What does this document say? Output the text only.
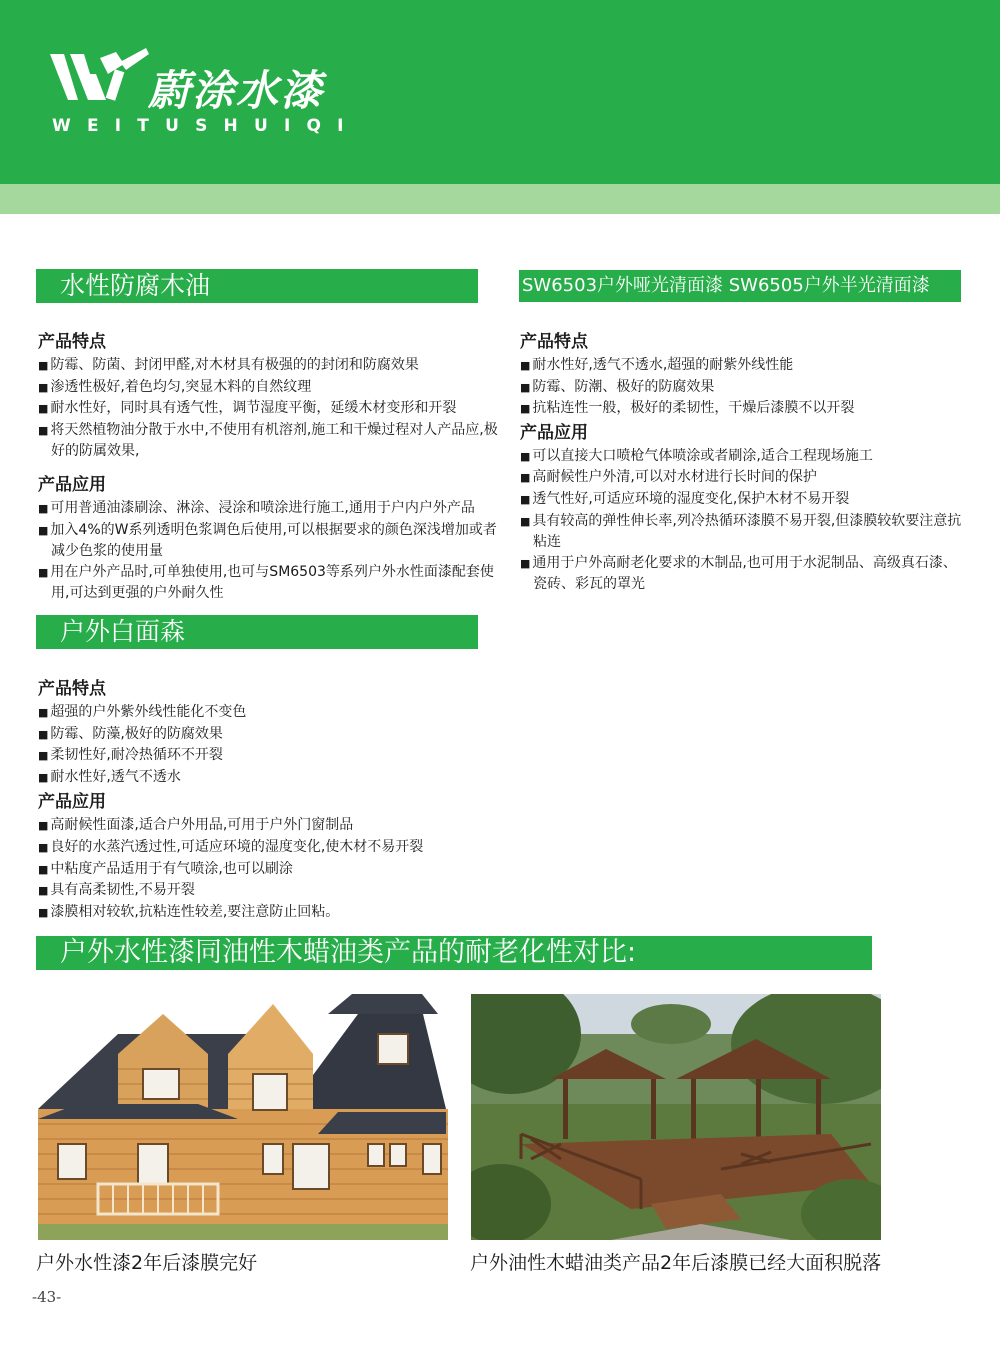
蔚涂水漆
WEITUSHUIQI
水性防腐木油
产品特点

■ 防霉、防菌、封闭甲醛,对木材具有极强的的封闭和防腐效果

■ 渗透性极好,着色均匀,突显木料的自然纹理

■ 耐水性好，同时具有透气性，调节湿度平衡，延缓木材变形和开裂

■ 将天然植物油分散于水中,不使用有机溶剂,施工和干燥过程对人产品应,极好的防属效果,

产品应用

■ 可用普通油漆刷涂、淋涂、浸涂和喷涂进行施工,通用于户内户外产品

■ 加入4%的W系列透明色浆调色后使用,可以根据要求的颜色深浅增加或者减少色浆的使用量

■ 用在户外产品时,可单独使用,也可与SM6503等系列户外水性面漆配套使用,可达到更强的户外耐久性

户外白面森
产品特点

■ 超强的户外紫外线性能化不变色

■ 防霉、防藻,极好的防腐效果

■ 柔韧性好,耐冷热循环不开裂

■ 耐水性好,透气不透水

产品应用

■ 高耐候性面漆,适合户外用品,可用于户外门窗制品

■ 良好的水蒸汽透过性,可适应环境的湿度变化,使木材不易开裂

■ 中粘度产品适用于有气喷涂,也可以刷涂

■ 具有高柔韧性,不易开裂

■ 漆膜相对较软,抗粘连性较差,要注意防止回粘。

SW6503户外哑光清面漆 SW6505户外半光清面漆
产品特点

■ 耐水性好,透气不透水,超强的耐紫外线性能

■ 防霉、防潮、极好的防腐效果

■ 抗粘连性一般，极好的柔韧性，干燥后漆膜不以开裂

产品应用

■ 可以直接大口喷枪气体喷涂或者刷涂,适合工程现场施工

■ 高耐候性户外清,可以对水材进行长时间的保护

■ 透气性好,可适应环境的湿度变化,保护木材不易开裂

■ 具有较高的弹性伸长率,列冷热循环漆膜不易开裂,但漆膜较软要注意抗粘连

■ 通用于户外高耐老化要求的木制品,也可用于水泥制品、高级真石漆、瓷砖、彩瓦的罩光

户外水性漆同油性木蜡油类产品的耐老化性对比:
户外水性漆2年后漆膜完好	户外油性木蜡油类产品2年后漆膜已经大面积脱落
-43-
